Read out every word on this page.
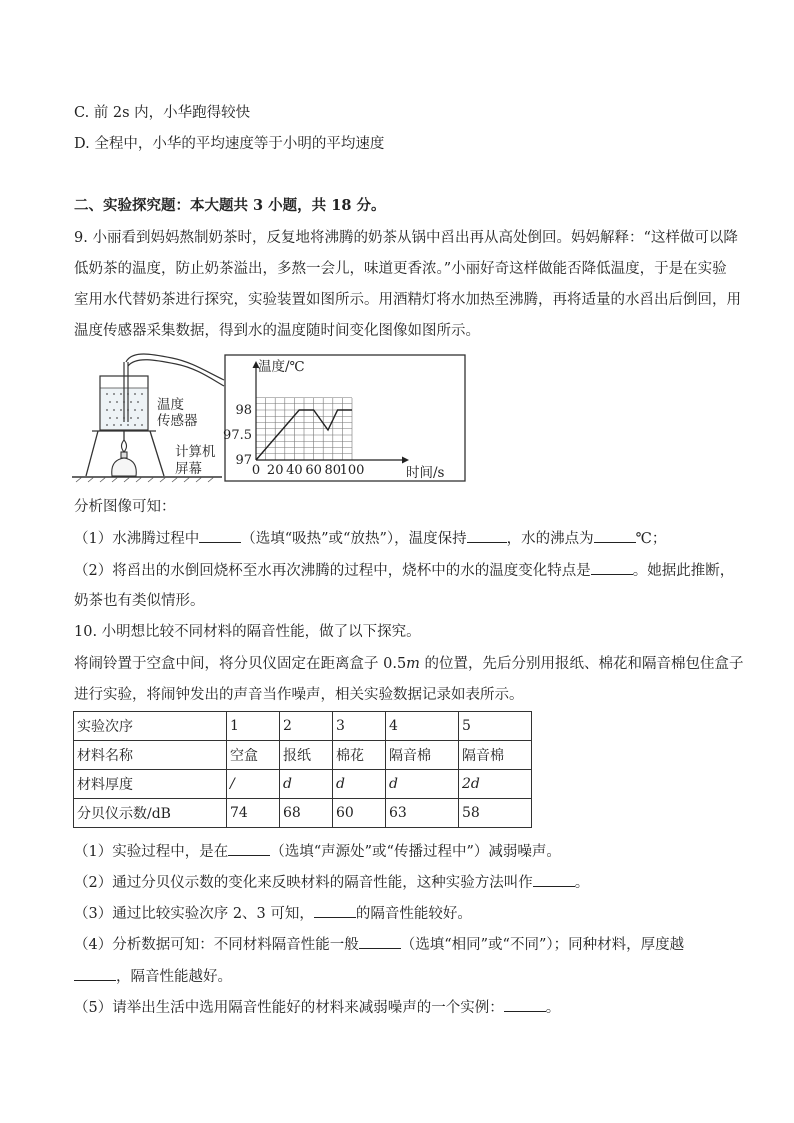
C. 前 2s 内，小华跑得较快
D. 全程中，小华的平均速度等于小明的平均速度
二、实验探究题：本大题共 3 小题，共 18 分。
9. 小丽看到妈妈熬制奶茶时，反复地将沸腾的奶茶从锅中舀出再从高处倒回。妈妈解释：“这样做可以降
低奶茶的温度，防止奶茶溢出，多熬一会儿，味道更香浓。”小丽好奇这样做能否降低温度，于是在实验
室用水代替奶茶进行探究，实验装置如图所示。用酒精灯将水加热至沸腾，再将适量的水舀出后倒回，用
温度传感器采集数据，得到水的温度随时间变化图像如图所示。
温度
传感器
计算机
屏幕	0 20 40 60 80
100
97
97.5
98
温度/℃
时间/s
分析图像可知：
（1）水沸腾过程中	（选填“吸热”或“放热”），温度保持	，水的沸点为	℃；
（2）将舀出的水倒回烧杯至水再次沸腾的过程中，烧杯中的水的温度变化特点是	。她据此推断，
奶茶也有类似情形。
10. 小明想比较不同材料的隔音性能，做了以下探究。
将闹铃置于空盒中间，将分贝仪固定在距离盒子 0.5m 的位置，先后分别用报纸、棉花和隔音棉包住盒子
进行实验，将闹钟发出的声音当作噪声，相关实验数据记录如表所示。
实验次序	1	2	3	4	5
材料名称	空盒	报纸	棉花	隔音棉	隔音棉
材料厚度	/	d	d	d	2d
分贝仪示数/dB	74	68	60	63	58
（1）实验过程中，是在	（选填“声源处”或“传播过程中”）减弱噪声。
（2）通过分贝仪示数的变化来反映材料的隔音性能，这种实验方法叫作	。
（3）通过比较实验次序 2、3 可知，	的隔音性能较好。
（4）分析数据可知：不同材料隔音性能一般	（选填“相同”或“不同”）；同种材料，厚度越
，隔音性能越好。
（5）请举出生活中选用隔音性能好的材料来减弱噪声的一个实例：	。
